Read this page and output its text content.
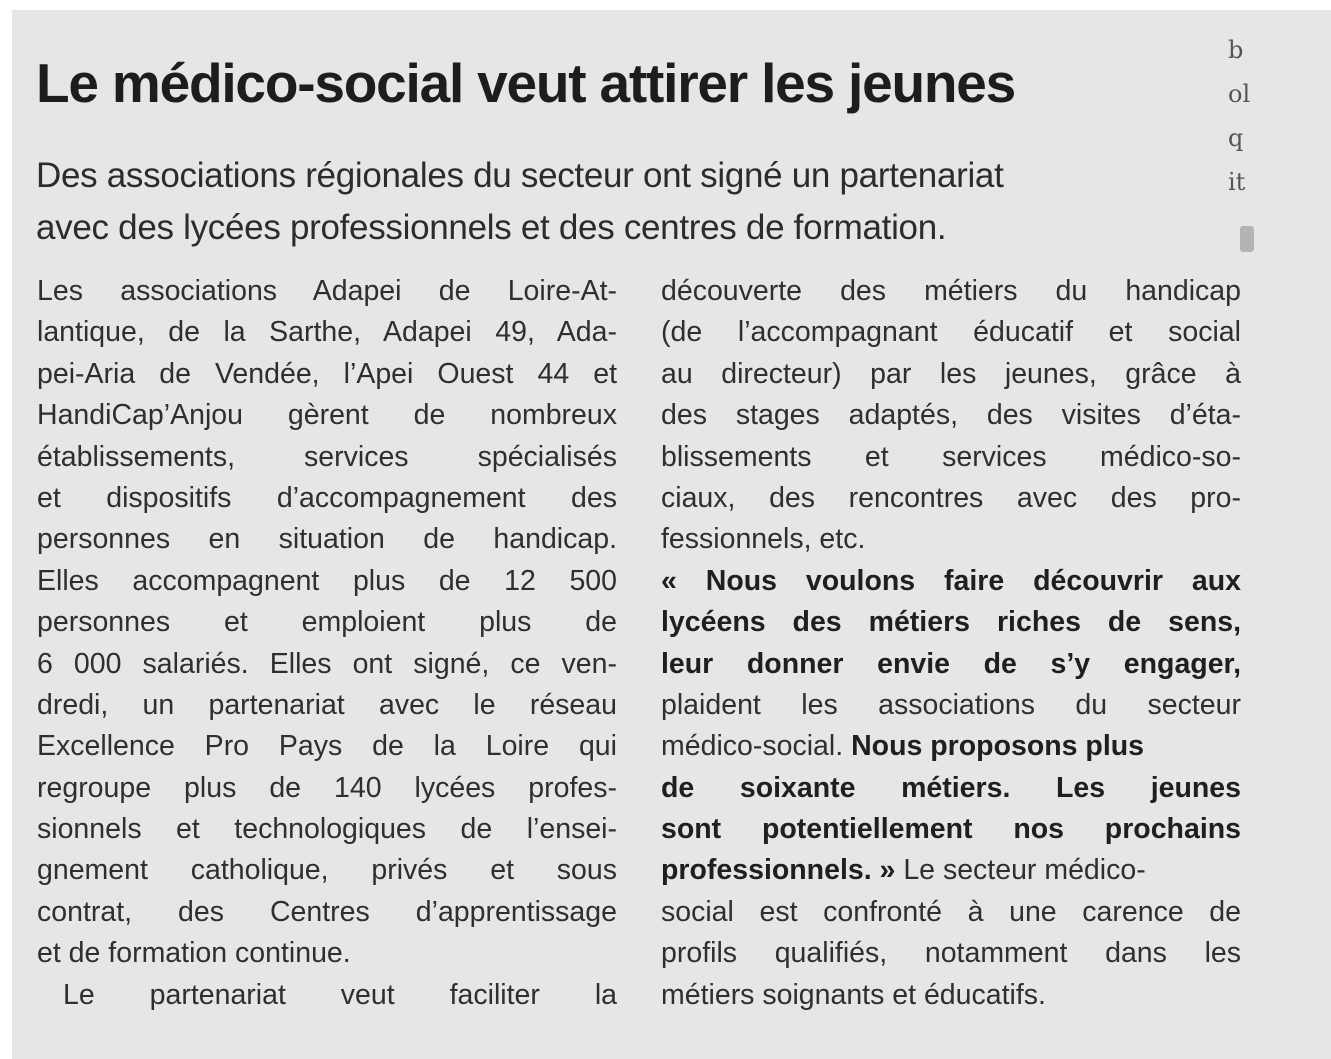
Le médico-social veut attirer les jeunes

Des associations régionales du secteur ont signé un partenariat
avec des lycées professionnels et des centres de formation.

Les associations Adapei de Loire-At-
lantique, de la Sarthe, Adapei 49, Ada-
pei-Aria de Vendée, l’Apei Ouest 44 et
HandiCap’Anjou gèrent de nombreux
établissements, services spécialisés
et dispositifs d’accompagnement des
personnes en situation de handicap.
Elles accompagnent plus de 12 500
personnes et emploient plus de
6 000 salariés. Elles ont signé, ce ven-
dredi, un partenariat avec le réseau
Excellence Pro Pays de la Loire qui
regroupe plus de 140 lycées profes-
sionnels et technologiques de l’ensei-
gnement catholique, privés et sous
contrat, des Centres d’apprentissage
et de formation continue.
Le partenariat veut faciliter la
découverte des métiers du handicap
(de l’accompagnant éducatif et social
au directeur) par les jeunes, grâce à
des stages adaptés, des visites d’éta-
blissements et services médico-so-
ciaux, des rencontres avec des pro-
fessionnels, etc.
« Nous voulons faire découvrir aux
lycéens des métiers riches de sens,
leur donner envie de s’y engager,
plaident les associations du secteur
médico-social. Nous proposons plus
de soixante métiers. Les jeunes
sont potentiellement nos prochains
professionnels. » Le secteur médico-
social est confronté à une carence de
profils qualifiés, notamment dans les
métiers soignants et éducatifs.
b
ol
q
it
